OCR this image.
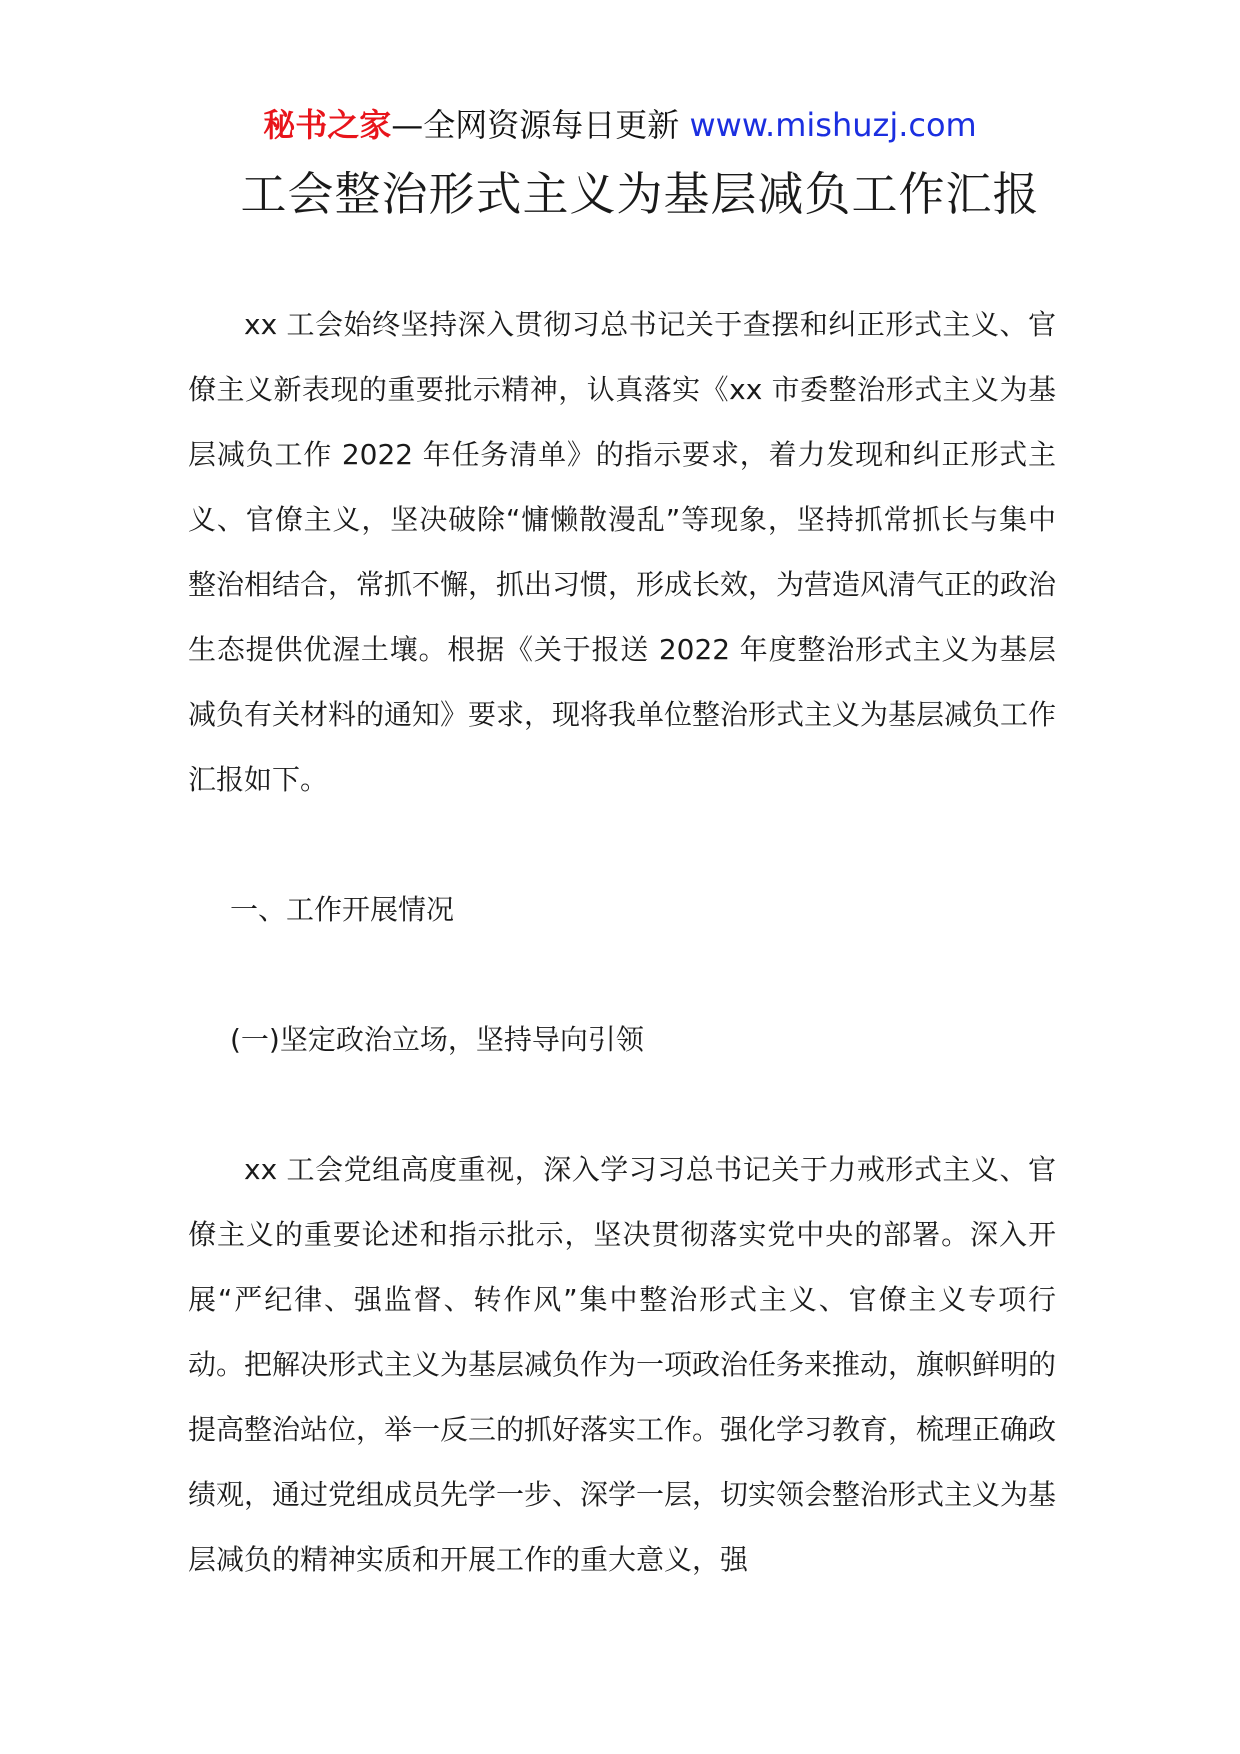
秘书之家—全网资源每日更新 www.mishuzj.com
工会整治形式主义为基层减负工作汇报

xx 工会始终坚持深入贯彻习总书记关于查摆和纠正形式主义、官僚主义新表现的重要批示精神，认真落实《xx 市委整治形式主义为基层减负工作 2022 年任务清单》的指示要求，着力发现和纠正形式主义、官僚主义，坚决破除“慵懒散漫乱”等现象，坚持抓常抓长与集中整治相结合，常抓不懈，抓出习惯，形成长效，为营造风清气正的政治生态提供优渥土壤。根据《关于报送 2022 年度整治形式主义为基层减负有关材料的通知》要求，现将我单位整治形式主义为基层减负工作汇报如下。

一、工作开展情况

(一)坚定政治立场，坚持导向引领

xx 工会党组高度重视，深入学习习总书记关于力戒形式主义、官僚主义的重要论述和指示批示，坚决贯彻落实党中央的部署。深入开展“严纪律、强监督、转作风”集中整治形式主义、官僚主义专项行动。把解决形式主义为基层减负作为一项政治任务来推动，旗帜鲜明的提高整治站位，举一反三的抓好落实工作。强化学习教育，梳理正确政绩观，通过党组成员先学一步、深学一层，切实领会整治形式主义为基层减负的精神实质和开展工作的重大意义，强
